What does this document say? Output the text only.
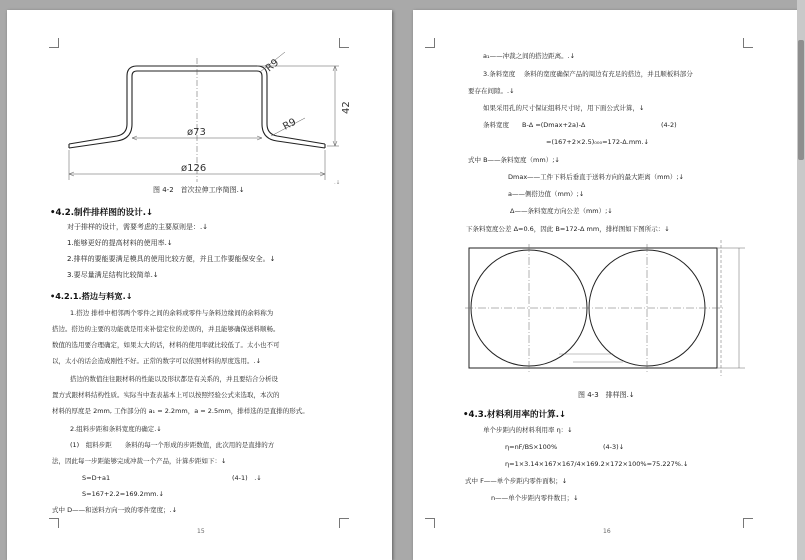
R9
R9
42
ø73
ø126
.↓
图 4-2　首次拉伸工序简图.↓
•4.2.制件排样图的设计.↓
对于排样的设计，需要考虑的主要原则是：.↓
1.能够更好的提高材料的使用率.↓
2.排样的要能要满足模具的使用比较方便，并且工作要能保安全。↓
3.要尽量满足结构比较简单.↓
•4.2.1.搭边与料宽.↓
1.搭边 排样中相邻两个零件之间的余料或零件与条料边缘间的余料称为
搭边。搭边的主要的功能就是用来补偿定位的差误的，并且能够确保送料顺畅。
数值的选用要合理确定，如果太大的话，材料的使用率就比较低了。太小也不可
以，太小的话会造成刚性不好。正常的数字可以依照材料的厚度选用。.↓
搭边的数值往往跟材料的性能以及形状都是有关系的，并且要结合分析设
置方式跟材料结构性质。实际当中查表基本上可以按照经验公式来选取，本次的
材料的厚度是 2mm, 工作部分的 a₁ = 2.2mm，a = 2.5mm，排样选的是直排的形式。
2.组料步距和条料宽度的确定.↓
(1)　组料步距　　条料的每一个形成的步距数值，此次用的是直排的方
法，因此每一步距能够完成冲裁一个产品，计算步距如下：↓
S=D+a1	(4-1)　.↓
S=167+2.2=169.2mm.↓
式中 D——和送料方向一致的零件宽度；.↓
15
a₁——冲裁之间的搭边距离。.↓
3.条料宽度　 条料的宽度确保产品的周边有充足的搭边，并且顺板料部分
要存在间隙。.↓
如果采用孔的尺寸保证组料尺寸时，用下面公式计算，↓
条料宽度　　B-Δ =(Dmax+2a)-Δ	(4-2)
=(167+2×2.5)₀₀₀=172-Δ.mm.↓
式中 B——条料宽度（mm）;↓
Dmax——工件下料后垂直于送料方向的最大距离（mm）;↓
a——侧搭边值（mm）;↓
Δ——条料宽度方向公差（mm）;↓
下条料宽度公差 Δ=0.6，因此 B=172-Δ mm，排样图如下图所示：↓
图 4-3　排样图.↓
•4.3.材料利用率的计算.↓
单个步距内的材料利用率 η：↓
η=nF/BS×100%	(4-3)↓
η=1×3.14×167×167/4×169.2×172×100%=75.227%.↓
式中 F——单个步距内零件面积；↓
n——单个步距内零件数目；↓
16
